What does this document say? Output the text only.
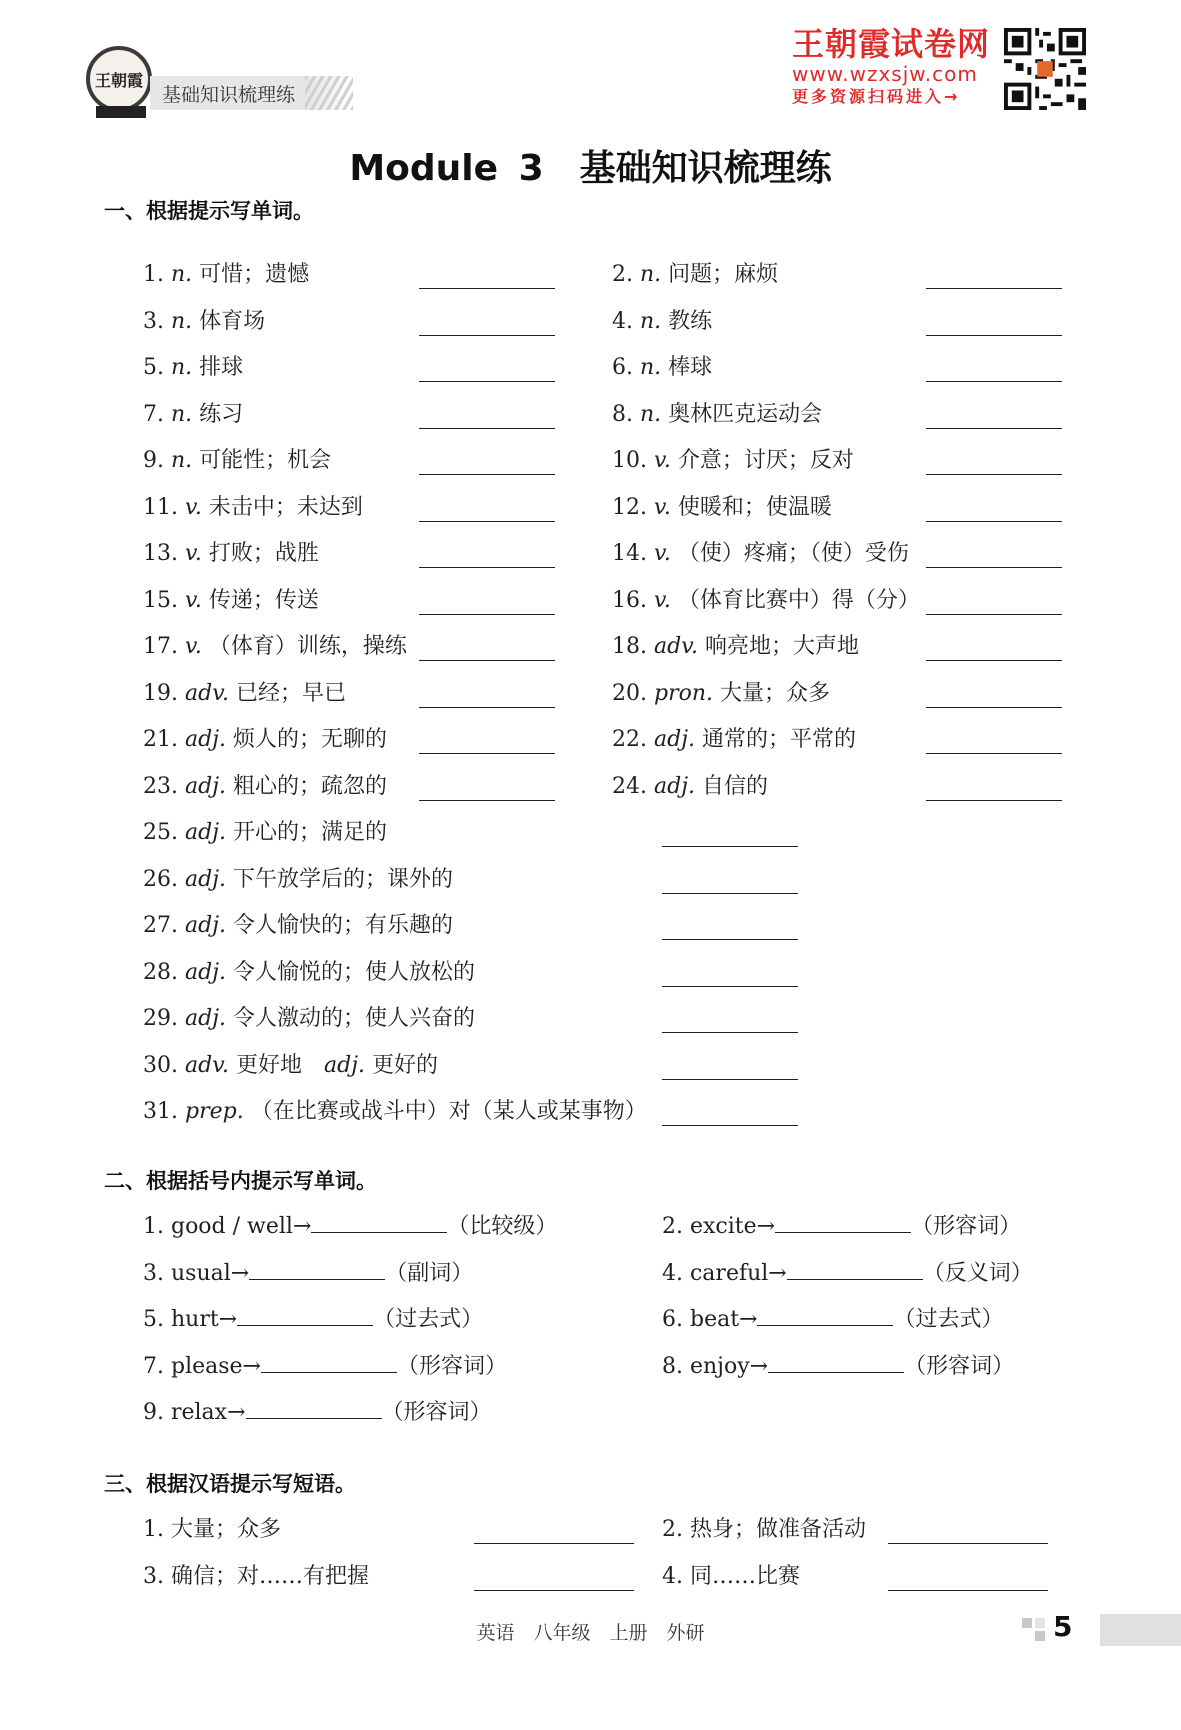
王朝霞
基础知识梳理练
王朝霞试卷网
www.wzxsjw.com
更多资源扫码进入→
Module 3　基础知识梳理练
一、根据提示写单词。
1. n. 可惜；遗憾	2. n. 问题；麻烦
3. n. 体育场	4. n. 教练
5. n. 排球	6. n. 棒球
7. n. 练习	8. n. 奥林匹克运动会
9. n. 可能性；机会	10. v. 介意；讨厌；反对
11. v. 未击中；未达到	12. v. 使暖和；使温暖
13. v. 打败；战胜	14. v. （使）疼痛；（使）受伤
15. v. 传递；传送	16. v. （体育比赛中）得（分）
17. v. （体育）训练，操练	18. adv. 响亮地；大声地
19. adv. 已经；早已	20. pron. 大量；众多
21. adj. 烦人的；无聊的	22. adj. 通常的；平常的
23. adj. 粗心的；疏忽的	24. adj. 自信的
25. adj. 开心的；满足的
26. adj. 下午放学后的；课外的
27. adj. 令人愉快的；有乐趣的
28. adj. 令人愉悦的；使人放松的
29. adj. 令人激动的；使人兴奋的
30. adv. 更好地  adj. 更好的
31. prep. （在比赛或战斗中）对（某人或某事物）
二、根据括号内提示写单词。
1. good / well→	（比较级）	2. excite→	（形容词）
3. usual→	（副词）	4. careful→	（反义词）
5. hurt→	（过去式）	6. beat→	（过去式）
7. please→	（形容词）	8. enjoy→	（形容词）
9. relax→	（形容词）
三、根据汉语提示写短语。
1. 大量；众多	2. 热身；做准备活动
3. 确信；对……有把握	4. 同……比赛
英语　八年级　上册　外研	5
